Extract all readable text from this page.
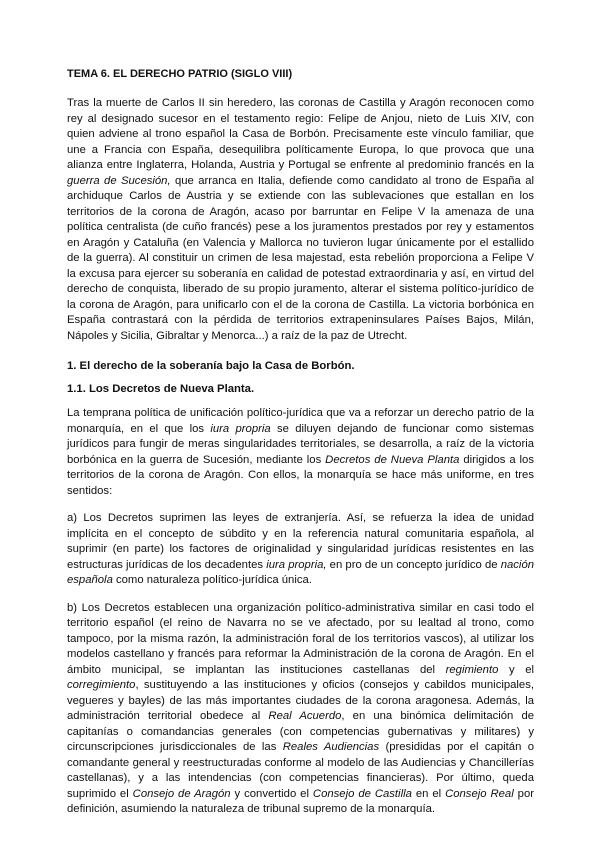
TEMA 6. EL DERECHO PATRIO (SIGLO VIII)

Tras la muerte de Carlos II sin heredero, las coronas de Castilla y Aragón reconocen como rey al designado sucesor en el testamento regio: Felipe de Anjou, nieto de Luis XIV, con quien adviene al trono español la Casa de Borbón. Precisamente este vínculo familiar, que une a Francia con España, desequilibra políticamente Europa, lo que provoca que una alianza entre Inglaterra, Holanda, Austria y Portugal se enfrente al predominio francés en la guerra de Sucesión, que arranca en Italia, defiende como candidato al trono de España al archiduque Carlos de Austria y se extiende con las sublevaciones que estallan en los territorios de la corona de Aragón, acaso por barruntar en Felipe V la amenaza de una política centralista (de cuño francés) pese a los juramentos prestados por rey y estamentos en Aragón y Cataluña (en Valencia y Mallorca no tuvieron lugar únicamente por el estallido de la guerra). Al constituir un crimen de lesa majestad, esta rebelión proporciona a Felipe V la excusa para ejercer su soberanía en calidad de potestad extraordinaria y así, en virtud del derecho de conquista, liberado de su propio juramento, alterar el sistema político-jurídico de la corona de Aragón, para unificarlo con el de la corona de Castilla. La victoria borbónica en España contrastará con la pérdida de territorios extrapeninsulares Países Bajos, Milán, Nápoles y Sicilia, Gibraltar y Menorca...) a raíz de la paz de Utrecht.

1. El derecho de la soberanía bajo la Casa de Borbón.
1.1. Los Decretos de Nueva Planta.

La temprana política de unificación político-jurídica que va a reforzar un derecho patrio de la monarquía, en el que los iura propria se diluyen dejando de funcionar como sistemas jurídicos para fungir de meras singularidades territoriales, se desarrolla, a raíz de la victoria borbónica en la guerra de Sucesión, mediante los Decretos de Nueva Planta dirigidos a los territorios de la corona de Aragón. Con ellos, la monarquía se hace más uniforme, en tres sentidos:

a) Los Decretos suprimen las leyes de extranjería. Así, se refuerza la idea de unidad implícita en el concepto de súbdito y en la referencia natural comunitaria española, al suprimir (en parte) los factores de originalidad y singularidad jurídicas resistentes en las estructuras jurídicas de los decadentes iura propria, en pro de un concepto jurídico de nación española como naturaleza político-jurídica única.

b) Los Decretos establecen una organización político-administrativa similar en casi todo el territorio español (el reino de Navarra no se ve afectado, por su lealtad al trono, como tampoco, por la misma razón, la administración foral de los territorios vascos), al utilizar los modelos castellano y francés para reformar la Administración de la corona de Aragón. En el ámbito municipal, se implantan las instituciones castellanas del regimiento y el corregimiento, sustituyendo a las instituciones y oficios (consejos y cabildos municipales, vegueres y bayles) de las más importantes ciudades de la corona aragonesa. Además, la administración territorial obedece al Real Acuerdo, en una binómica delimitación de capitanías o comandancias generales (con competencias gubernativas y militares) y circunscripciones jurisdiccionales de las Reales Audiencias (presididas por el capitán o comandante general y reestructuradas conforme al modelo de las Audiencias y Chancillerías castellanas), y a las intendencias (con competencias financieras). Por último, queda suprimido el Consejo de Aragón y convertido el Consejo de Castilla en el Consejo Real por definición, asumiendo la naturaleza de tribunal supremo de la monarquía.
